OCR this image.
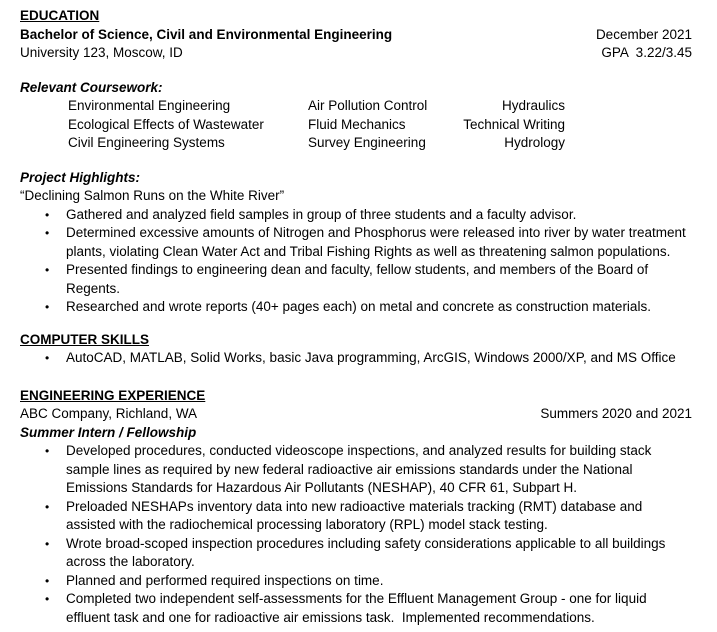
EDUCATION
Bachelor of Science, Civil and Environmental Engineering	December 2021
University 123, Moscow, ID	GPA  3.22/3.45
Relevant Coursework:
Environmental Engineering	Air Pollution Control	Hydraulics
Ecological Effects of Wastewater	Fluid Mechanics	Technical Writing
Civil Engineering Systems	Survey Engineering	Hydrology
Project Highlights:
“Declining Salmon Runs on the White River”
•	Gathered and analyzed field samples in group of three students and a faculty advisor.
•	Determined excessive amounts of Nitrogen and Phosphorus were released into river by water treatment plants, violating Clean Water Act and Tribal Fishing Rights as well as threatening salmon populations.
•	Presented findings to engineering dean and faculty, fellow students, and members of the Board of Regents.
•	Researched and wrote reports (40+ pages each) on metal and concrete as construction materials.
COMPUTER SKILLS
•	AutoCAD, MATLAB, Solid Works, basic Java programming, ArcGIS, Windows 2000/XP, and MS Office
ENGINEERING EXPERIENCE
ABC Company, Richland, WA	Summers 2020 and 2021
Summer Intern / Fellowship
•	Developed procedures, conducted videoscope inspections, and analyzed results for building stack sample lines as required by new federal radioactive air emissions standards under the National Emissions Standards for Hazardous Air Pollutants (NESHAP), 40 CFR 61, Subpart H.
•	Preloaded NESHAPs inventory data into new radioactive materials tracking (RMT) database and assisted with the radiochemical processing laboratory (RPL) model stack testing.
•	Wrote broad-scoped inspection procedures including safety considerations applicable to all buildings across the laboratory.
•	Planned and performed required inspections on time.
•	Completed two independent self-assessments for the Effluent Management Group - one for liquid effluent task and one for radioactive air emissions task.  Implemented recommendations.
